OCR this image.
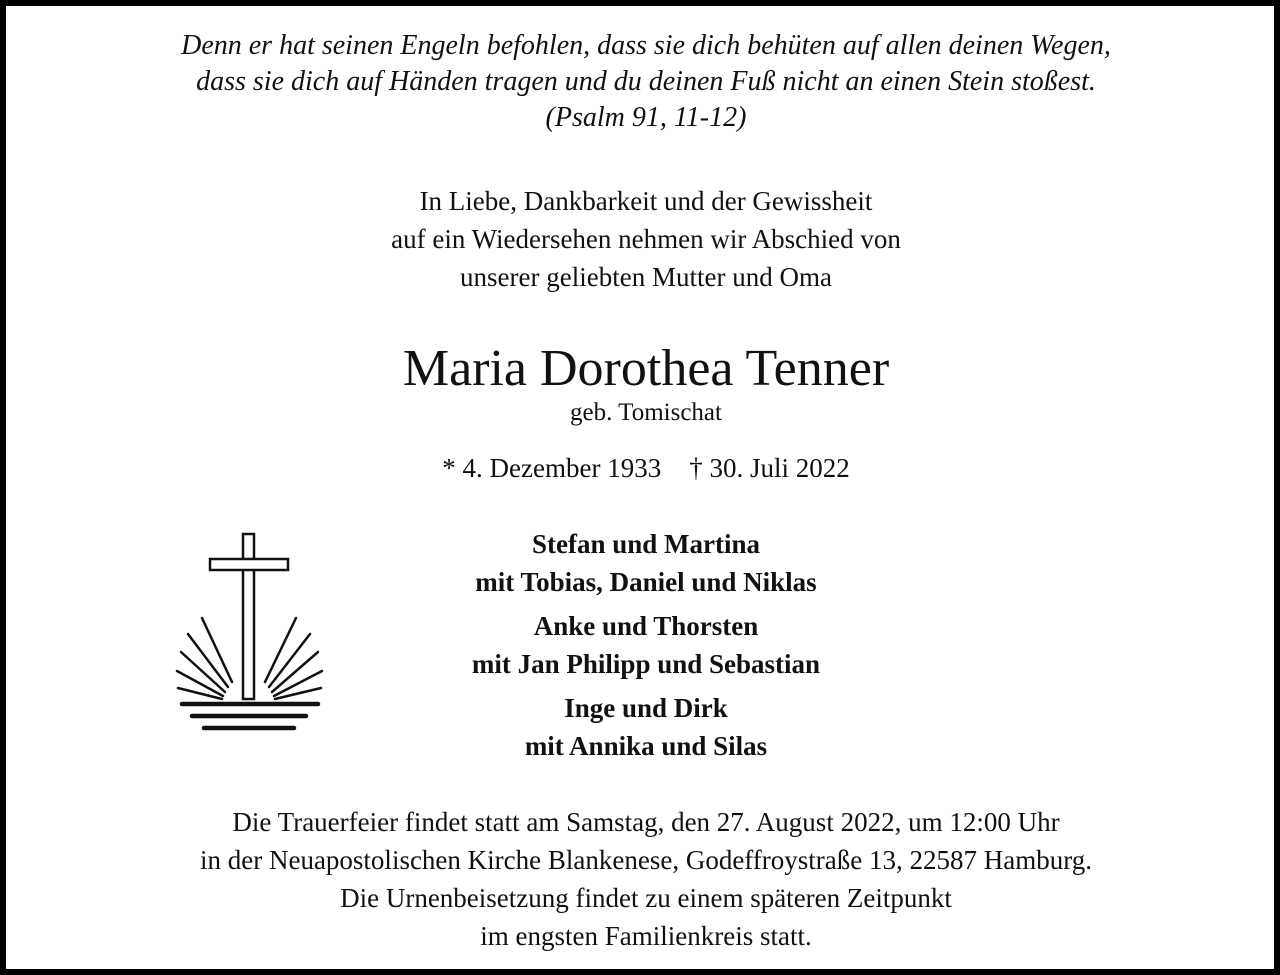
Denn er hat seinen Engeln befohlen, dass sie dich behüten auf allen deinen Wegen,
dass sie dich auf Händen tragen und du deinen Fuß nicht an einen Stein stoßest.
(Psalm 91, 11-12)
In Liebe, Dankbarkeit und der Gewissheit
auf ein Wiedersehen nehmen wir Abschied von
unserer geliebten Mutter und Oma
Maria Dorothea Tenner
geb. Tomischat
* 4. Dezember 1933 † 30. Juli 2022
Stefan und Martina
mit Tobias, Daniel und Niklas
Anke und Thorsten
mit Jan Philipp und Sebastian
Inge und Dirk
mit Annika und Silas
Die Trauerfeier findet statt am Samstag, den 27. August 2022, um 12:00 Uhr
in der Neuapostolischen Kirche Blankenese, Godeffroystraße 13, 22587 Hamburg.
Die Urnenbeisetzung findet zu einem späteren Zeitpunkt
im engsten Familienkreis statt.
